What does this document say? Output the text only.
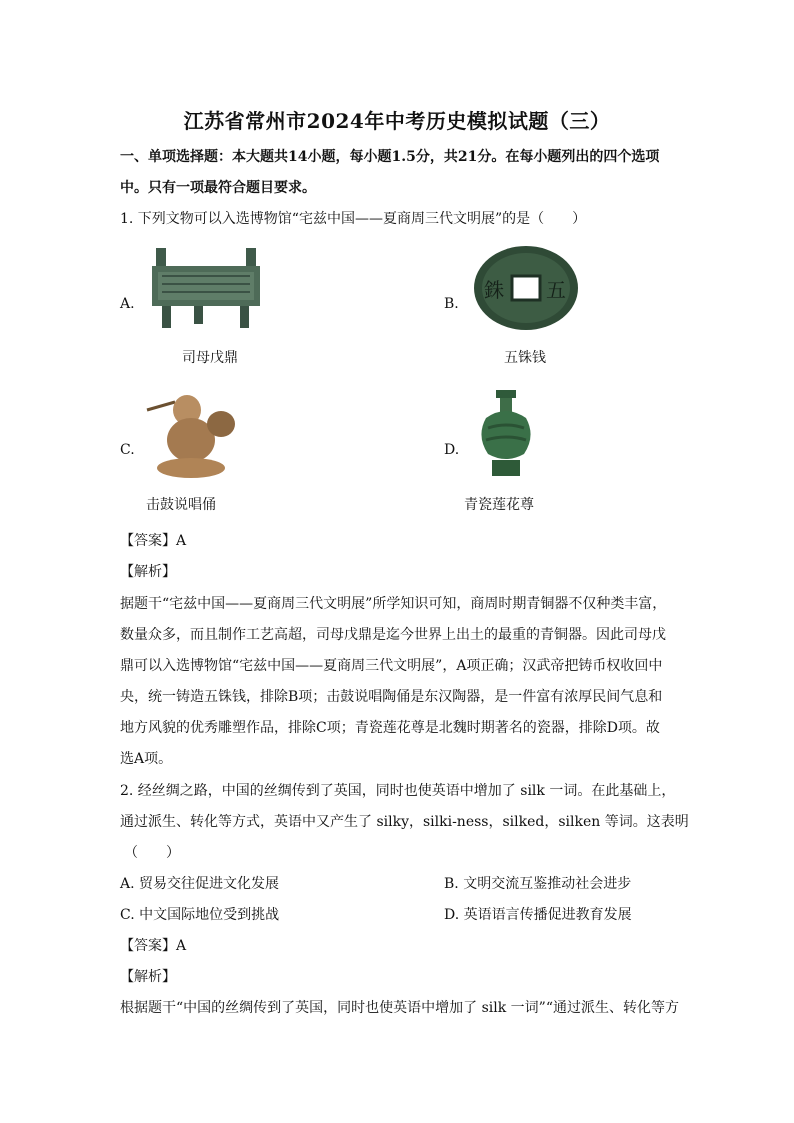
江苏省常州市2024年中考历史模拟试题（三）
一、单项选择题：本大题共14小题，每小题1.5分，共21分。在每小题列出的四个选项
中。只有一项最符合题目要求。
1. 下列文物可以入选博物馆“宅兹中国——夏商周三代文明展”的是（　　）
A.
司母戊鼎
B.
銖 五
五铢钱
C.
击鼓说唱俑
D.
青瓷莲花尊
【答案】A
【解析】
据题干“宅兹中国——夏商周三代文明展”所学知识可知，商周时期青铜器不仅种类丰富，
数量众多，而且制作工艺高超，司母戊鼎是迄今世界上出土的最重的青铜器。因此司母戊
鼎可以入选博物馆“宅兹中国——夏商周三代文明展”，A项正确；汉武帝把铸币权收回中
央，统一铸造五铢钱，排除B项；击鼓说唱陶俑是东汉陶器，是一件富有浓厚民间气息和
地方风貌的优秀雕塑作品，排除C项；青瓷莲花尊是北魏时期著名的瓷器，排除D项。故
选A项。
2. 经丝绸之路，中国的丝绸传到了英国，同时也使英语中增加了 silk 一词。在此基础上，
通过派生、转化等方式，英语中又产生了 silky，silki-ness，silked，silken 等词。这表明
（　　）
A. 贸易交往促进文化发展	B. 文明交流互鉴推动社会进步
C. 中文国际地位受到挑战	D. 英语语言传播促进教育发展
【答案】A
【解析】
根据题干“中国的丝绸传到了英国，同时也使英语中增加了 silk 一词”“通过派生、转化等方
